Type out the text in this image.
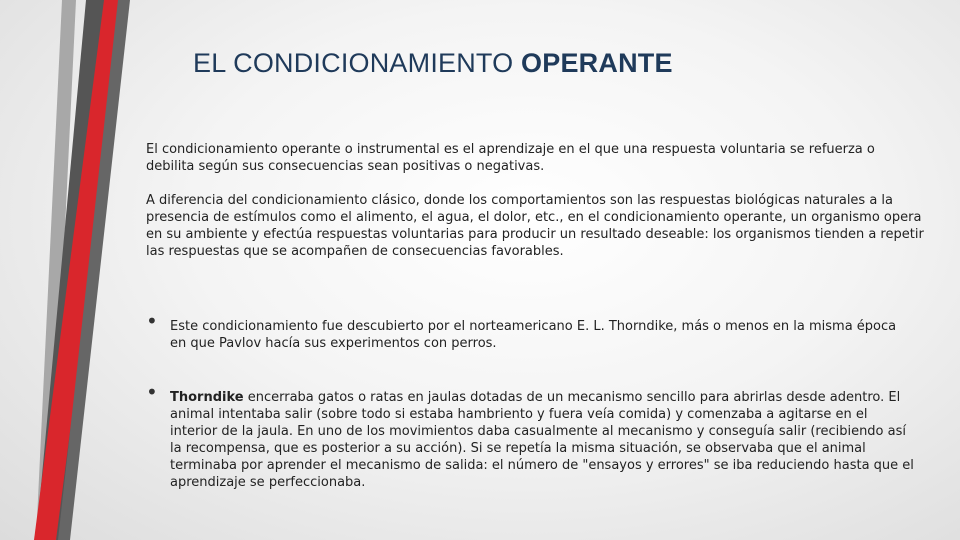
EL CONDICIONAMIENTO OPERANTE
El condicionamiento operante o instrumental es el aprendizaje en el que una respuesta voluntaria se refuerza o debilita según sus consecuencias sean positivas o negativas.
A diferencia del condicionamiento clásico, donde los comportamientos son las respuestas biológicas naturales a la presencia de estímulos como el alimento, el agua, el dolor, etc., en el condicionamiento operante, un organismo opera en su ambiente y efectúa respuestas voluntarias para producir un resultado deseable: los organismos tienden a repetir las respuestas que se acompañen de consecuencias favorables.
• Este condicionamiento fue descubierto por el norteamericano E. L. Thorndike, más o menos en la misma época en que Pavlov hacía sus experimentos con perros.
• Thorndike encerraba gatos o ratas en jaulas dotadas de un mecanismo sencillo para abrirlas desde adentro. El animal intentaba salir (sobre todo si estaba hambriento y fuera veía comida) y comenzaba a agitarse en el interior de la jaula. En uno de los movimientos daba casualmente al mecanismo y conseguía salir (recibiendo así la recompensa, que es posterior a su acción). Si se repetía la misma situación, se observaba que el animal terminaba por aprender el mecanismo de salida: el número de "ensayos y errores" se iba reduciendo hasta que el aprendizaje se perfeccionaba.
